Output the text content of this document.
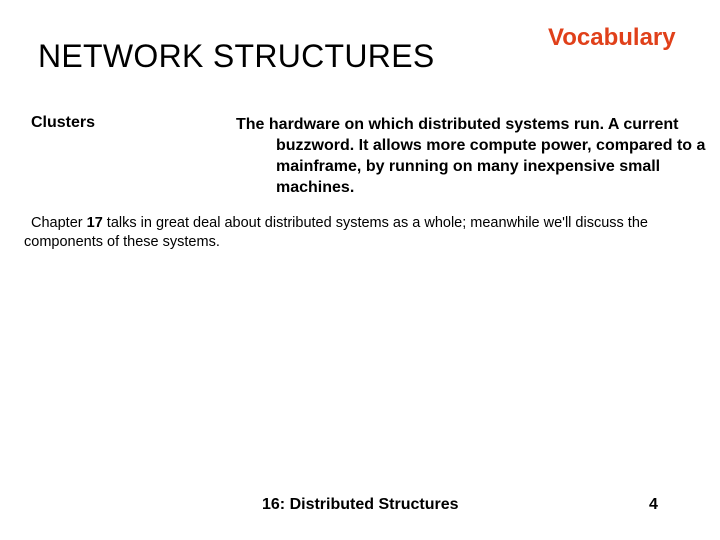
NETWORK STRUCTURES
Vocabulary
Clusters	The hardware on which distributed systems run. A current buzzword. It allows more compute power, compared to a mainframe, by running on many inexpensive small machines.
Chapter 17 talks in great deal about distributed systems as a whole; meanwhile we'll discuss the components of these systems.
16: Distributed Structures	4
